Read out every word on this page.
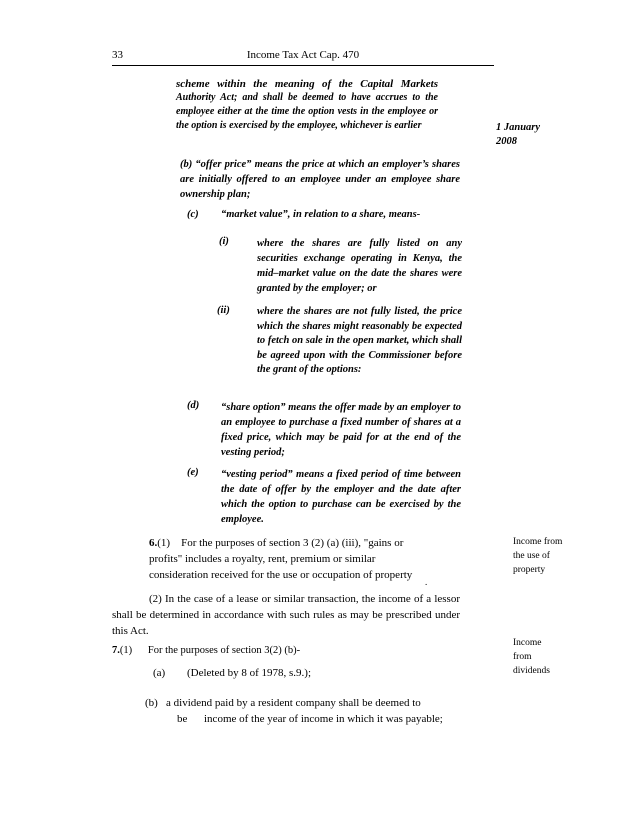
33	Income Tax Act Cap. 470
scheme within the meaning of the Capital Markets
Authority Act; and shall be deemed to have accrues to the employee either at the time the option vests in the employee or the option is exercised by the employee, whichever is earlier	1 January
2008
(b) “offer price” means the price at which an employer’s shares are initially offered to an employee under an employee share ownership plan;
(c) “market value”, in relation to a share, means-
(i)	where the shares are fully listed on any securities exchange operating in Kenya, the mid–market value on the date the shares were granted by the employer; or
(ii)	where the shares are not fully listed, the price which the shares might reasonably be expected to fetch on sale in the open market, which shall be agreed upon with the Commissioner before the grant of the options:
(d) “share option” means the offer made by an employer to an employee to purchase a fixed number of shares at a fixed price, which may be paid for at the end of the vesting period;
(e) “vesting period” means a fixed period of time between the date of offer by the employer and the date after which the option to purchase can be exercised by the employee.
6.(1) For the purposes of section 3 (2) (a) (iii), "gains or
profits" includes a royalty, rent, premium or similar
consideration received for the use or occupation of property
.
Income from
the use of
property
(2) In the case of a lease or similar transaction, the income of a lessor shall be determined in accordance with such rules as may be prescribed under this Act.
Income
from
dividends
7.(1) For the purposes of section 3(2) (b)-
(a) (Deleted by 8 of 1978, s.9.);
(b) a dividend paid by a resident company shall be deemed to
be income of the year of income in which it was payable;
